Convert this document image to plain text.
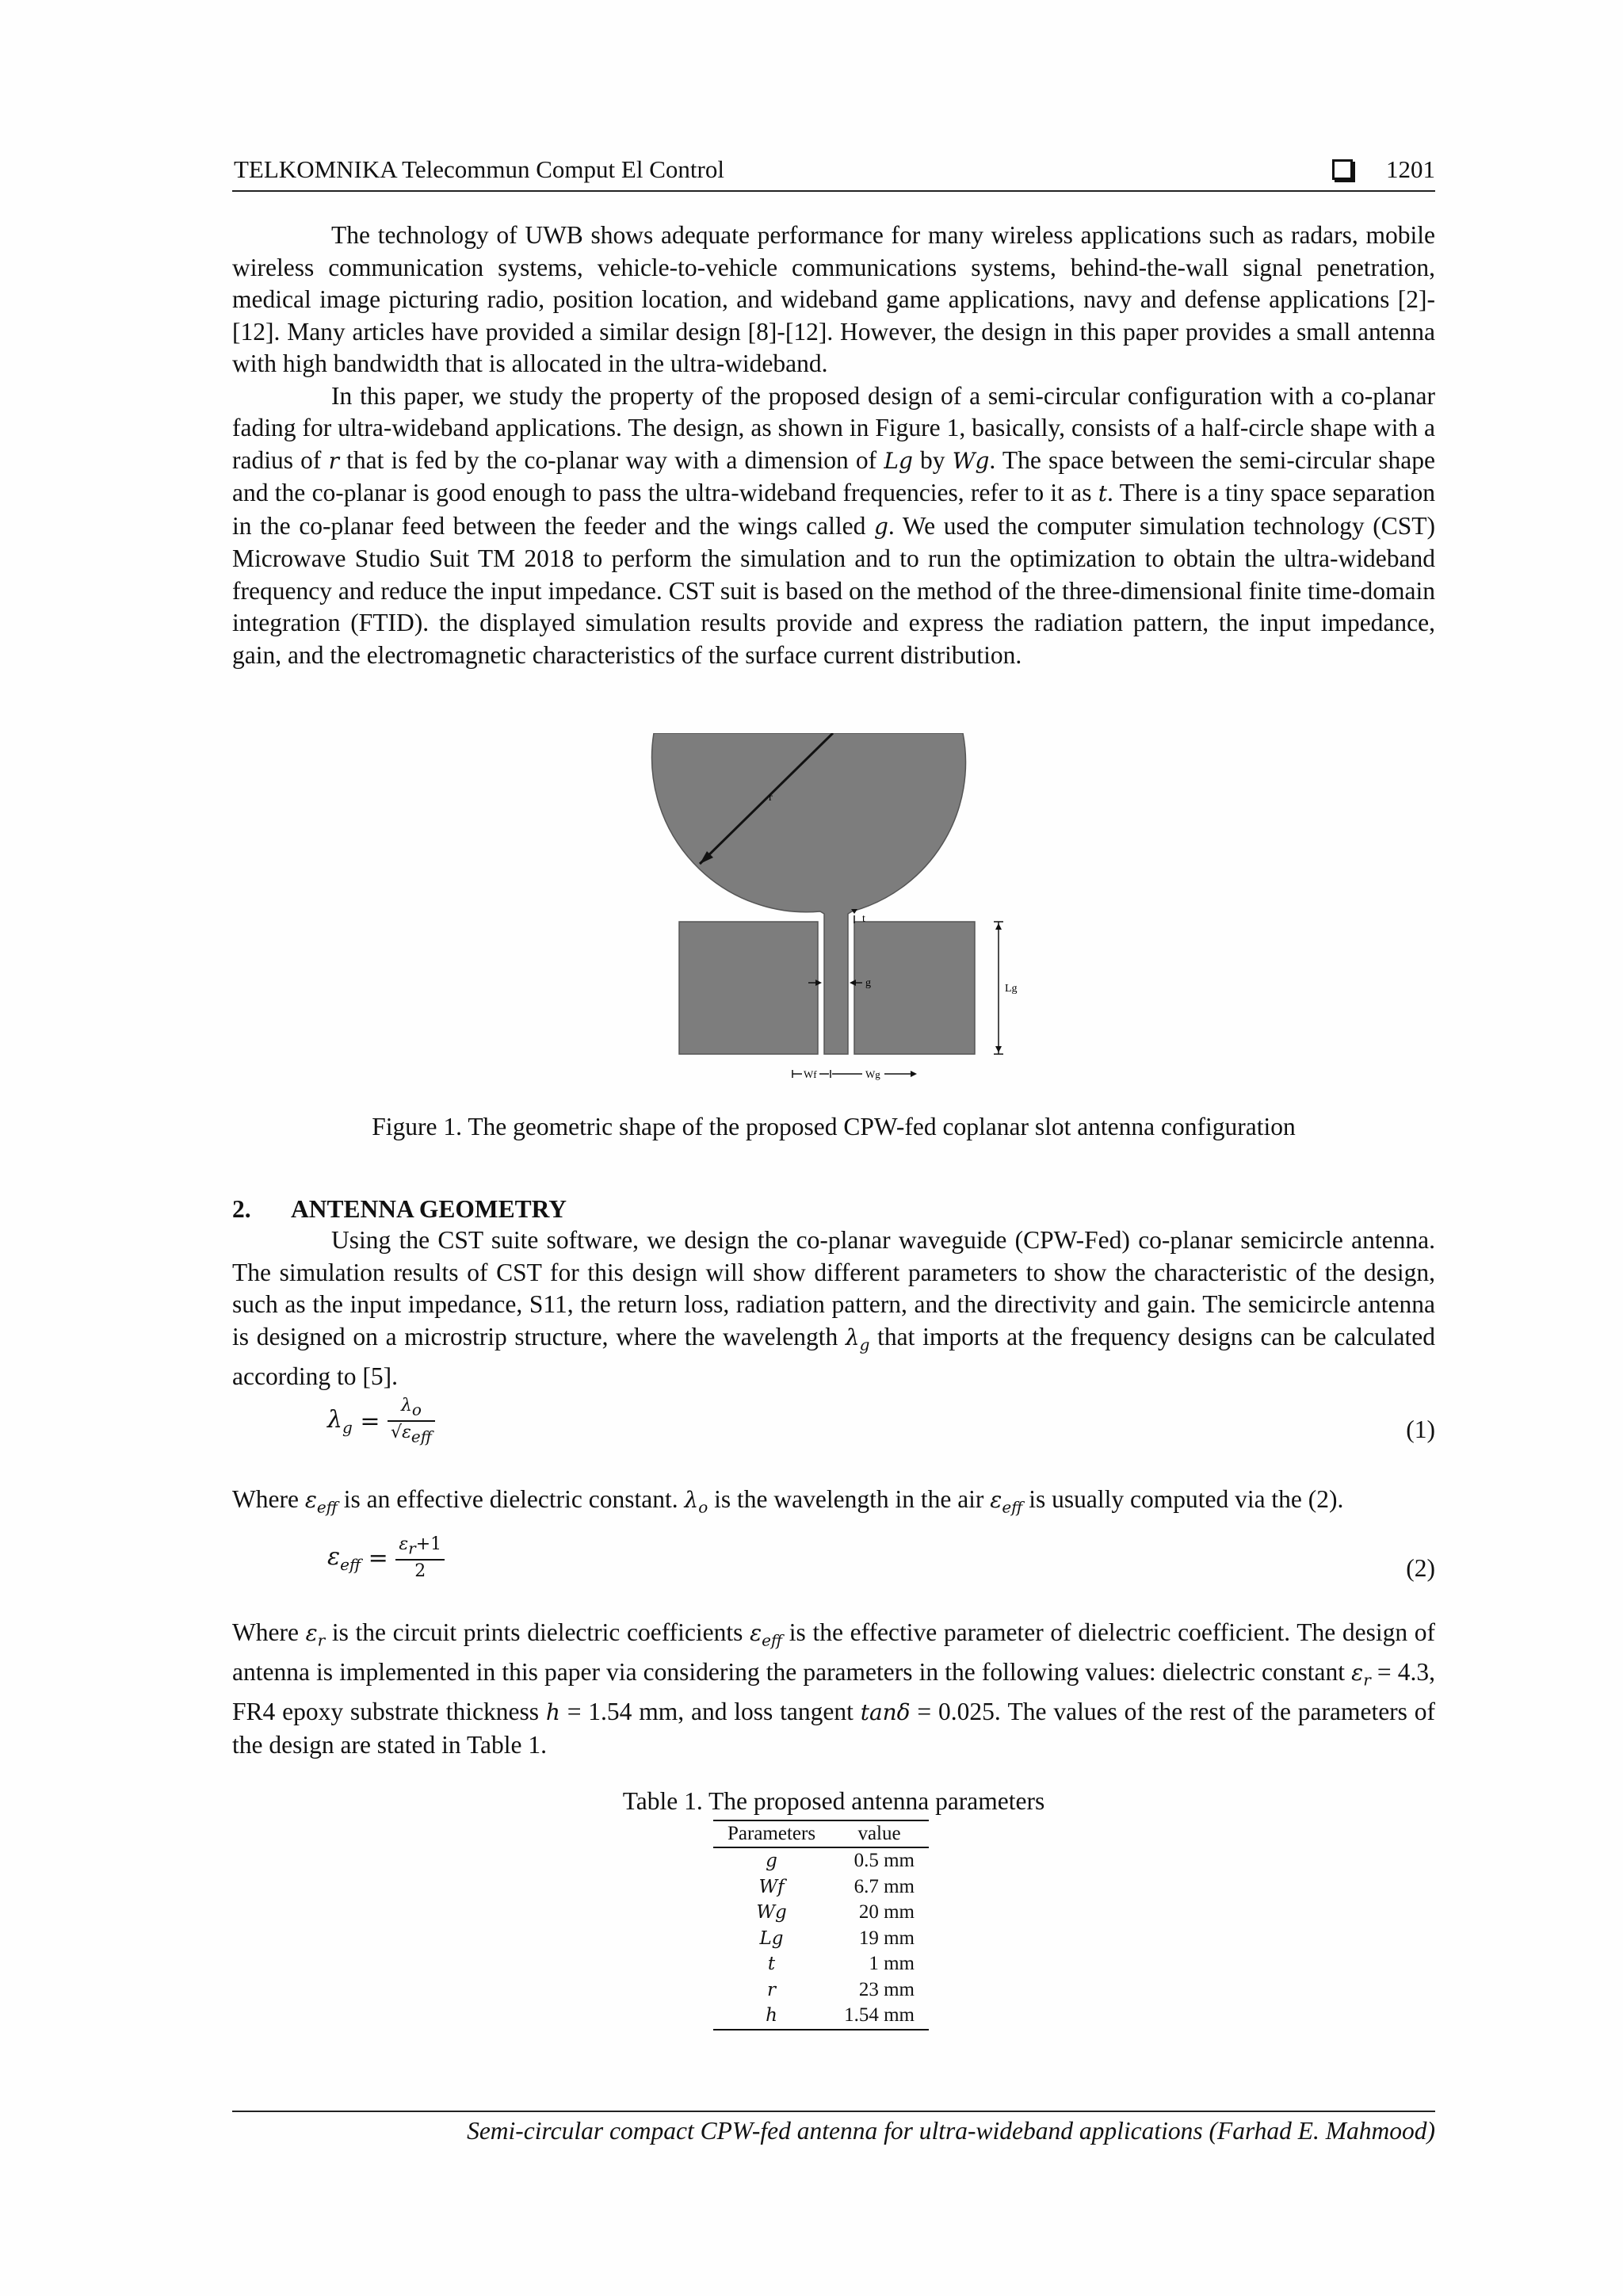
TELKOMNIKA Telecommun Comput El Control	1201

The technology of UWB shows adequate performance for many wireless applications such as radars, mobile wireless communication systems, vehicle-to-vehicle communications systems, behind-the-wall signal penetration, medical image picturing radio, position location, and wideband game applications, navy and defense applications [2]-[12]. Many articles have provided a similar design [8]-[12]. However, the design in this paper provides a small antenna with high bandwidth that is allocated in the ultra-wideband.

In this paper, we study the property of the proposed design of a semi-circular configuration with a co-planar fading for ultra-wideband applications. The design, as shown in Figure 1, basically, consists of a half-circle shape with a radius of r that is fed by the co-planar way with a dimension of Lg by Wg. The space between the semi-circular shape and the co-planar is good enough to pass the ultra-wideband frequencies, refer to it as t. There is a tiny space separation in the co-planar feed between the feeder and the wings called g. We used the computer simulation technology (CST) Microwave Studio Suit TM 2018 to perform the simulation and to run the optimization to obtain the ultra-wideband frequency and reduce the input impedance. CST suit is based on the method of the three-dimensional finite time-domain integration (FTID). the displayed simulation results provide and express the radiation pattern, the input impedance, gain, and the electromagnetic characteristics of the surface current distribution.

r
t
g	Lg
Wf	Wg
Figure 1. The geometric shape of the proposed CPW-fed coplanar slot antenna configuration
2. ANTENNA GEOMETRY

Using the CST suite software, we design the co-planar waveguide (CPW-Fed) co-planar semicircle antenna. The simulation results of CST for this design will show different parameters to show the characteristic of the design, such as the input impedance, S11, the return loss, radiation pattern, and the directivity and gain. The semicircle antenna is designed on a microstrip structure, where the wavelength $\lambda_g$ that imports at the frequency designs can be calculated according to [5].

$\lambda_g = \frac{\lambda_o}{√\varepsilon_{eff}}$	(1)

Where $\varepsilon_{eff}$ is an effective dielectric constant. $\lambda_o$ is the wavelength in the air $\varepsilon_{eff}$ is usually computed via the (2).

$\varepsilon_{eff} = \frac{\varepsilon_r+1}{2}$	(2)

Where $\varepsilon_r$ is the circuit prints dielectric coefficients $\varepsilon_{eff}$ is the effective parameter of dielectric coefficient. The design of antenna is implemented in this paper via considering the parameters in the following values: dielectric constant $\varepsilon_r = 4.3$, FR4 epoxy substrate thickness h = 1.54 mm, and loss tangent tanδ = 0.025. The values of the rest of the parameters of the design are stated in Table 1.

Table 1. The proposed antenna parameters
Parameters	value
g	0.5 mm
Wf	6.7 mm
Wg	20 mm
Lg	19 mm
t	1 mm
r	23 mm
h	1.54 mm
Semi-circular compact CPW-fed antenna for ultra-wideband applications (Farhad E. Mahmood)
